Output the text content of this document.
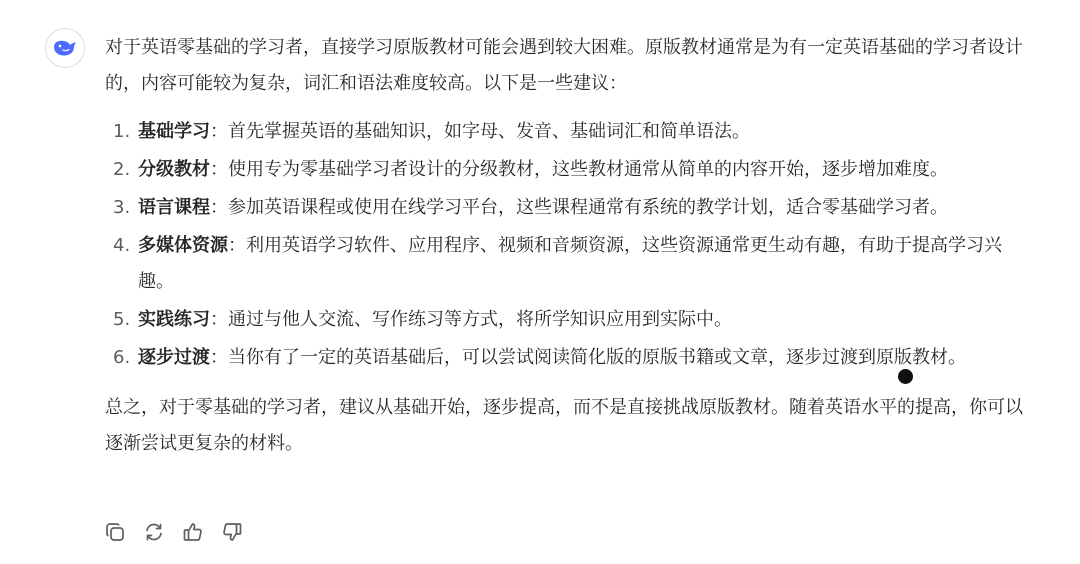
对于英语零基础的学习者，直接学习原版教材可能会遇到较大困难。原版教材通常是为有一定英语基础的学习者设计的，内容可能较为复杂，词汇和语法难度较高。以下是一些建议：

1. 基础学习：首先掌握英语的基础知识，如字母、发音、基础词汇和简单语法。
2. 分级教材：使用专为零基础学习者设计的分级教材，这些教材通常从简单的内容开始，逐步增加难度。
3. 语言课程：参加英语课程或使用在线学习平台，这些课程通常有系统的教学计划，适合零基础学习者。
4. 多媒体资源：利用英语学习软件、应用程序、视频和音频资源，这些资源通常更生动有趣，有助于提高学习兴趣。
5. 实践练习：通过与他人交流、写作练习等方式，将所学知识应用到实际中。
6. 逐步过渡：当你有了一定的英语基础后，可以尝试阅读简化版的原版书籍或文章，逐步过渡到原版教材。

总之，对于零基础的学习者，建议从基础开始，逐步提高，而不是直接挑战原版教材。随着英语水平的提高，你可以逐渐尝试更复杂的材料。
